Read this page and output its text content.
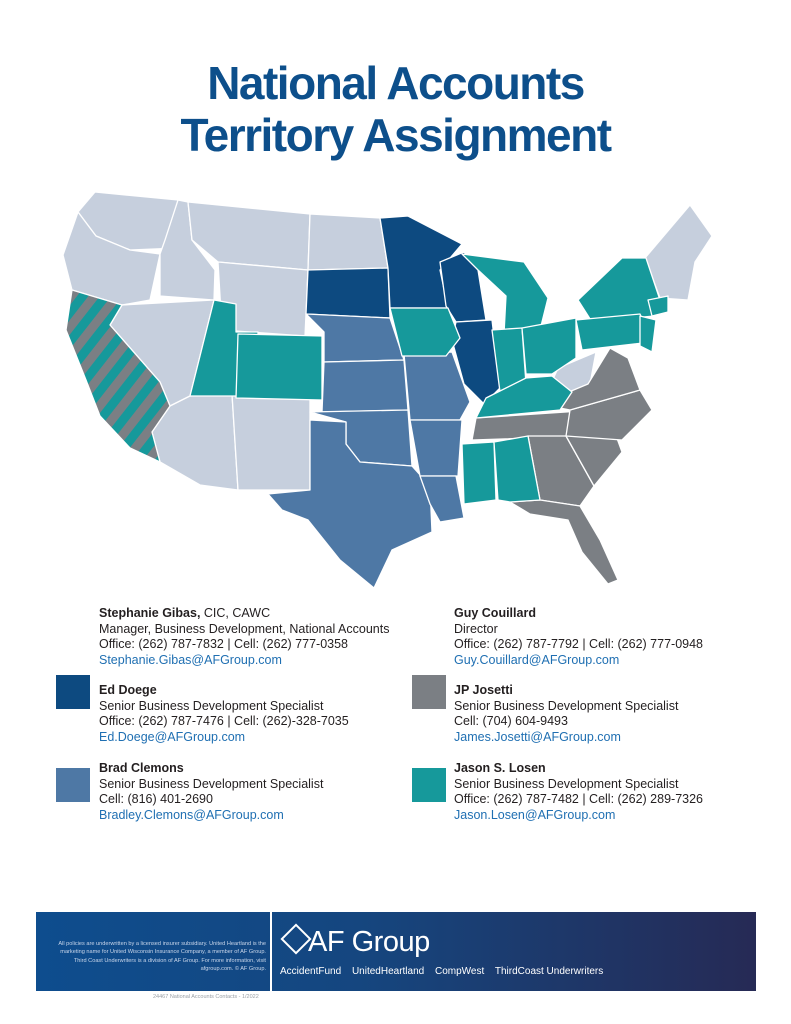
National Accounts
Territory Assignment
Stephanie Gibas, CIC, CAWC
Manager, Business Development, National Accounts
Office: (262) 787-7832 | Cell: (262) 777-0358
Stephanie.Gibas@AFGroup.com
Guy Couillard
Director
Office: (262) 787-7792 | Cell: (262) 777-0948
Guy.Couillard@AFGroup.com
Ed Doege
Senior Business Development Specialist
Office: (262) 787-7476 | Cell: (262)-328-7035
Ed.Doege@AFGroup.com
JP Josetti
Senior Business Development Specialist
Cell: (704) 604-9493
James.Josetti@AFGroup.com
Brad Clemons
Senior Business Development Specialist
Cell: (816) 401-2690
Bradley.Clemons@AFGroup.com
Jason S. Losen
Senior Business Development Specialist
Office: (262) 787-7482 | Cell: (262) 289-7326
Jason.Losen@AFGroup.com
All policies are underwritten by a licensed insurer subsidiary. United Heartland is the marketing name for United Wisconsin Insurance Company, a member of AF Group. Third Coast Underwriters is a division of AF Group. For more information, visit afgroup.com. © AF Group.
AF Group
AccidentFund UnitedHeartland CompWest ThirdCoast Underwriters
24467 National Accounts Contacts - 1/2022
